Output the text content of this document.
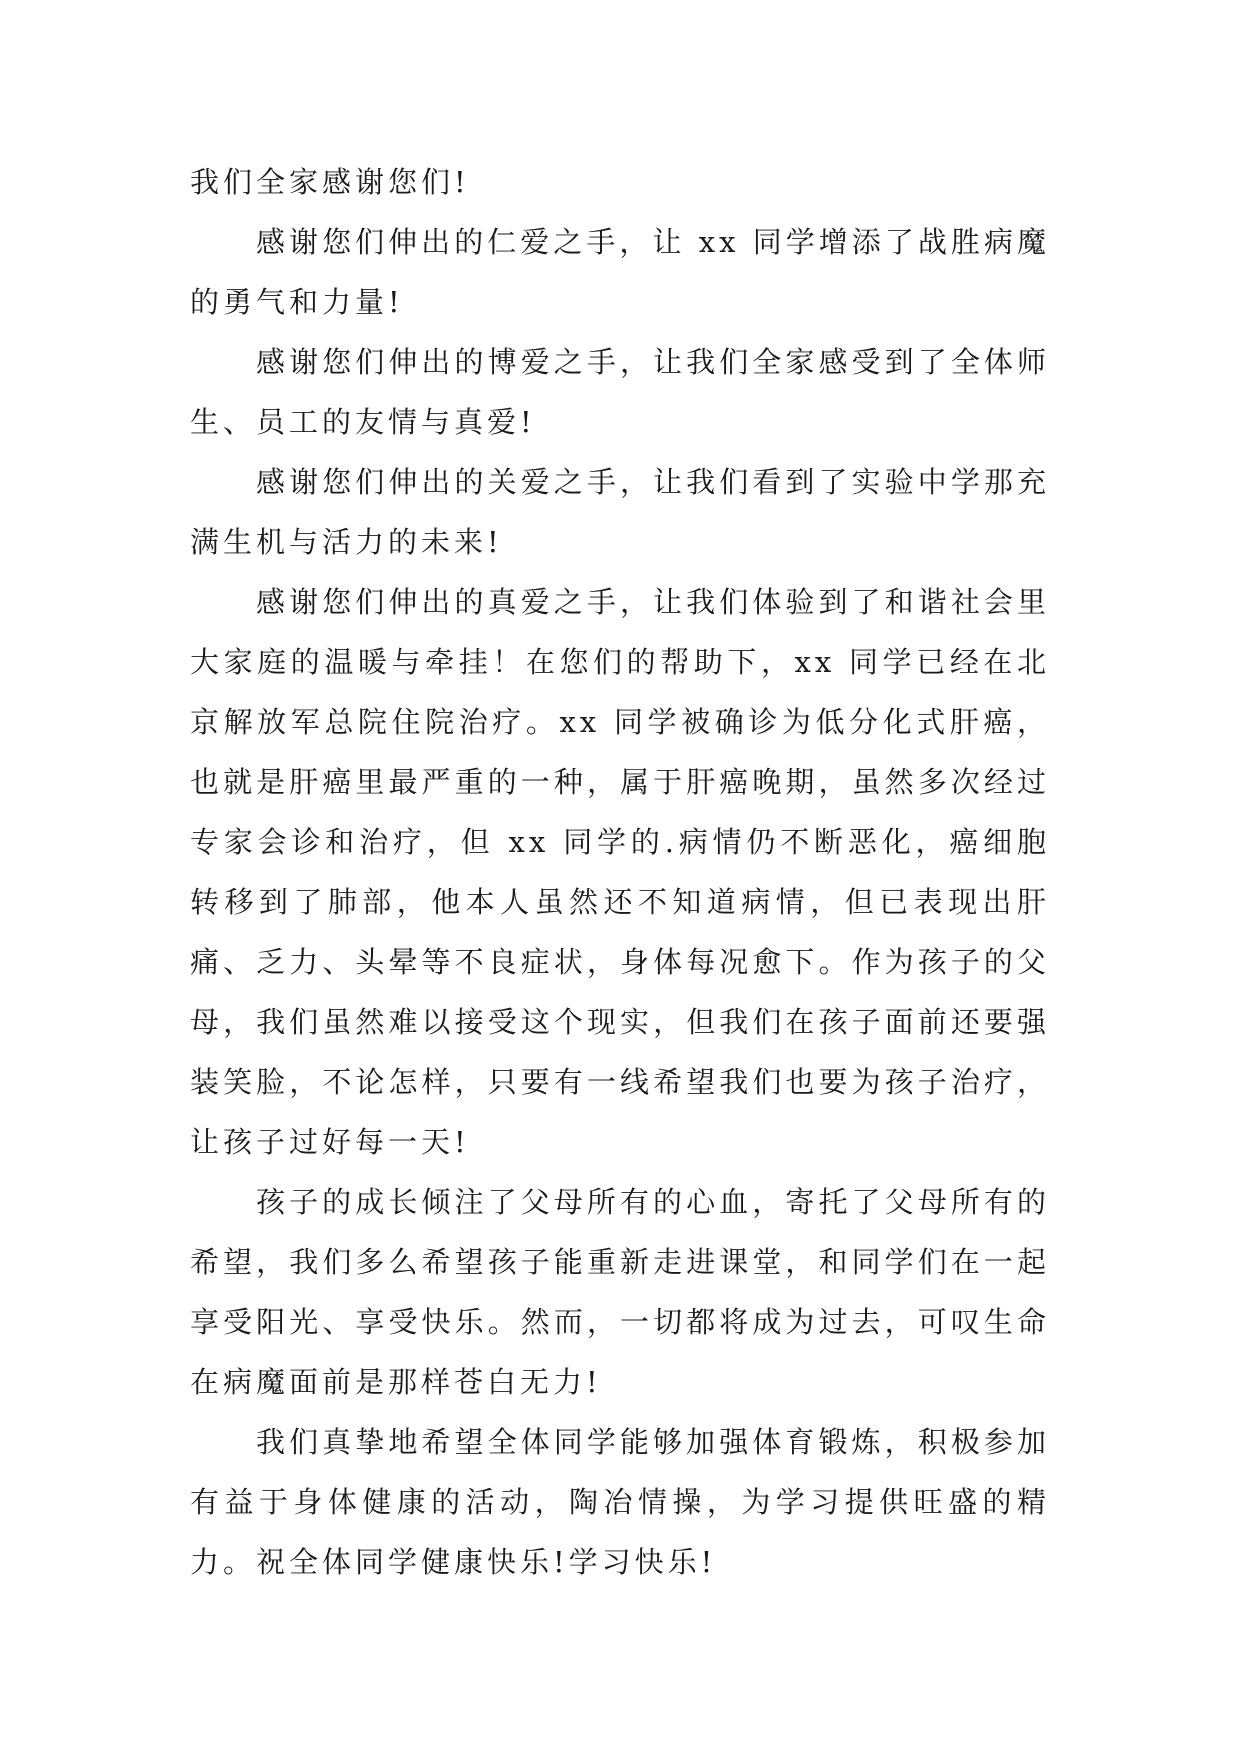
我们全家感谢您们!

感谢您们伸出的仁爱之手，让 xx 同学增添了战胜病魔的勇气和力量!

感谢您们伸出的博爱之手，让我们全家感受到了全体师生、员工的友情与真爱!

感谢您们伸出的关爱之手，让我们看到了实验中学那充满生机与活力的未来!

感谢您们伸出的真爱之手，让我们体验到了和谐社会里大家庭的温暖与牵挂！在您们的帮助下，xx 同学已经在北京解放军总院住院治疗。xx 同学被确诊为低分化式肝癌，也就是肝癌里最严重的一种，属于肝癌晚期，虽然多次经过专家会诊和治疗，但 xx 同学的.病情仍不断恶化，癌细胞转移到了肺部，他本人虽然还不知道病情，但已表现出肝痛、乏力、头晕等不良症状，身体每况愈下。作为孩子的父母，我们虽然难以接受这个现实，但我们在孩子面前还要强装笑脸，不论怎样，只要有一线希望我们也要为孩子治疗，让孩子过好每一天!

孩子的成长倾注了父母所有的心血，寄托了父母所有的希望，我们多么希望孩子能重新走进课堂，和同学们在一起享受阳光、享受快乐。然而，一切都将成为过去，可叹生命在病魔面前是那样苍白无力!

我们真挚地希望全体同学能够加强体育锻炼，积极参加有益于身体健康的活动，陶冶情操，为学习提供旺盛的精力。祝全体同学健康快乐!学习快乐!
